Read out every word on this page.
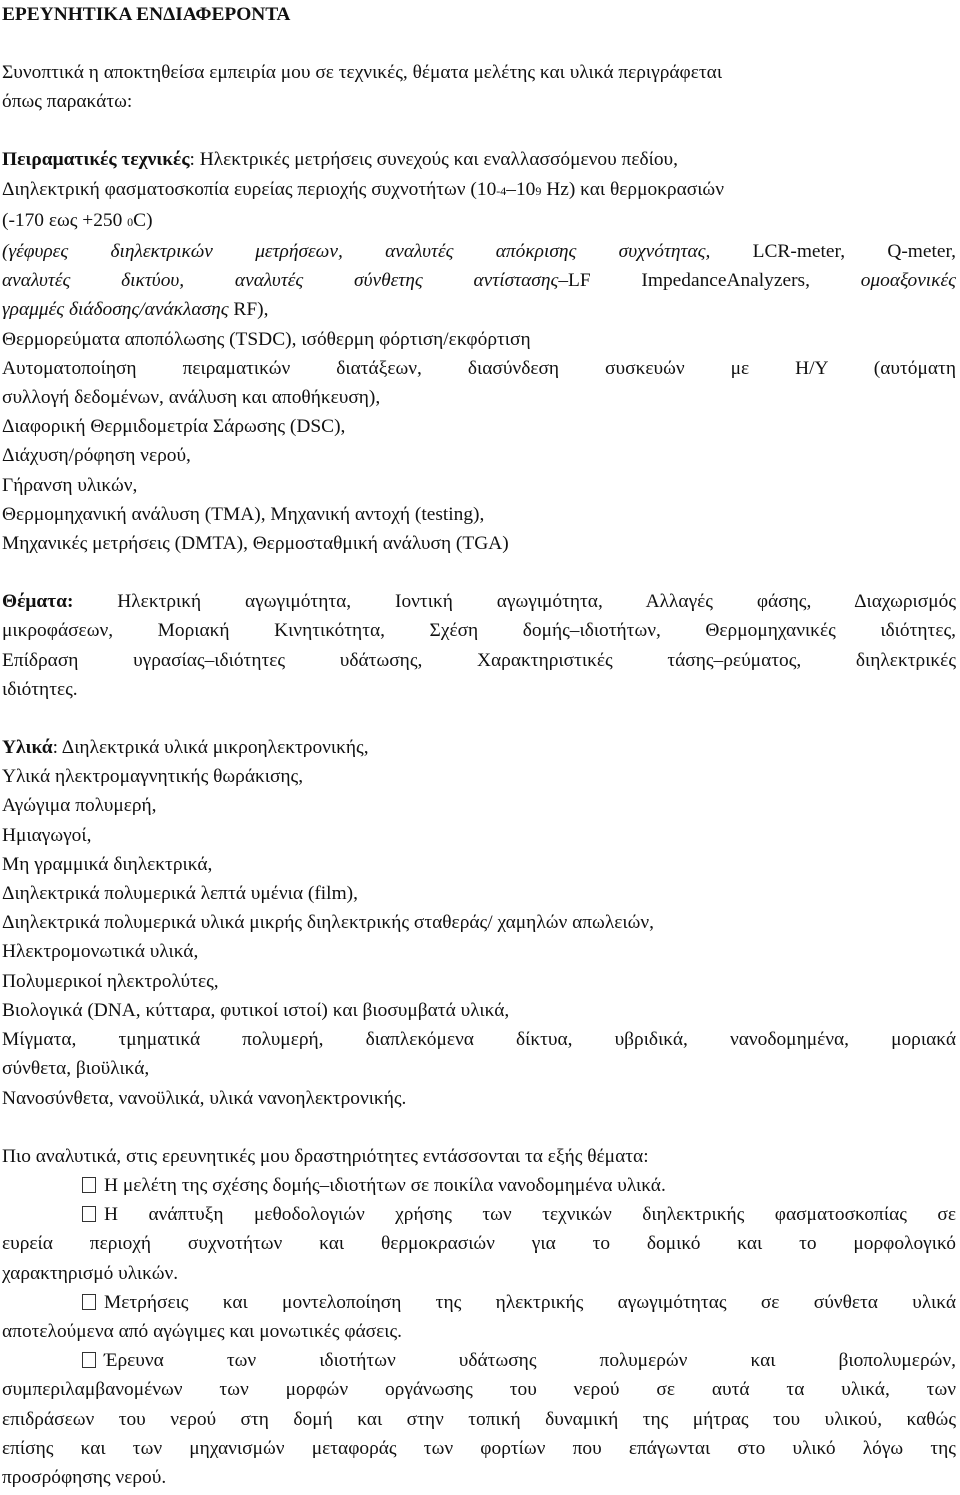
ΕΡΕΥΝΗΤΙΚΑ ΕΝΔΙΑΦΕΡΟΝΤΑ

Συνοπτικά η αποκτηθείσα εμπειρία μου σε τεχνικές, θέματα μελέτης και υλικά περιγράφεται

όπως παρακάτω:

Πειραματικές τεχνικές: Ηλεκτρικές μετρήσεις συνεχούς και εναλλασσόμενου πεδίου,

Διηλεκτρική φασματοσκοπία ευρείας περιοχής συχνοτήτων (10-4–109 Hz) και θερμοκρασιών

(-170 εως +250 0C)

(γέφυρες διηλεκτρικών μετρήσεων, αναλυτές απόκρισης συχνότητας, LCR-meter, Q-meter,

αναλυτές δικτύου, αναλυτές σύνθετης αντίστασης–LF ImpedanceAnalyzers, ομοαξονικές

γραμμές διάδοσης/ανάκλασης RF),

Θερμορεύματα αποπόλωσης (TSDC), ισόθερμη φόρτιση/εκφόρτιση

Αυτοματοποίηση πειραματικών διατάξεων, διασύνδεση συσκευών με Η/Υ (αυτόματη

συλλογή δεδομένων, ανάλυση και αποθήκευση),

Διαφορική Θερμιδομετρία Σάρωσης (DSC),

Διάχυση/ρόφηση νερού,

Γήρανση υλικών,

Θερμομηχανική ανάλυση (TMA), Μηχανική αντοχή (testing),

Μηχανικές μετρήσεις (DMTA), Θερμοσταθμική ανάλυση (TGA)

Θέματα: Ηλεκτρική αγωγιμότητα, Ιοντική αγωγιμότητα, Αλλαγές φάσης, Διαχωρισμός

μικροφάσεων, Μοριακή Κινητικότητα, Σχέση δομής–ιδιοτήτων, Θερμομηχανικές ιδιότητες,

Επίδραση υγρασίας–ιδιότητες υδάτωσης, Χαρακτηριστικές τάσης–ρεύματος, διηλεκτρικές

ιδιότητες.

Υλικά: Διηλεκτρικά υλικά μικροηλεκτρονικής,

Υλικά ηλεκτρομαγνητικής θωράκισης,

Αγώγιμα πολυμερή,

Ημιαγωγοί,

Μη γραμμικά διηλεκτρικά,

Διηλεκτρικά πολυμερικά λεπτά υμένια (film),

Διηλεκτρικά πολυμερικά υλικά μικρής διηλεκτρικής σταθεράς/ χαμηλών απωλειών,

Ηλεκτρομονωτικά υλικά,

Πολυμερικοί ηλεκτρολύτες,

Βιολογικά (DNA, κύτταρα, φυτικοί ιστοί) και βιοσυμβατά υλικά,

Μίγματα, τμηματικά πολυμερή, διαπλεκόμενα δίκτυα, υβριδικά, νανοδομημένα, μοριακά

σύνθετα, βιοϋλικά,

Νανοσύνθετα, νανοϋλικά, υλικά νανοηλεκτρονικής.

Πιο αναλυτικά, στις ερευνητικές μου δραστηριότητες εντάσσονται τα εξής θέματα:

Η μελέτη της σχέσης δομής–ιδιοτήτων σε ποικίλα νανοδομημένα υλικά.

Η ανάπτυξη μεθοδολογιών χρήσης των τεχνικών διηλεκτρικής φασματοσκοπίας σε

ευρεία περιοχή συχνοτήτων και θερμοκρασιών για το δομικό και το μορφολογικό

χαρακτηρισμό υλικών.

Μετρήσεις και μοντελοποίηση της ηλεκτρικής αγωγιμότητας σε σύνθετα υλικά

αποτελούμενα από αγώγιμες και μονωτικές φάσεις.

Έρευνα των ιδιοτήτων υδάτωσης πολυμερών και βιοπολυμερών,

συμπεριλαμβανομένων των μορφών οργάνωσης του νερού σε αυτά τα υλικά, των

επιδράσεων του νερού στη δομή και στην τοπική δυναμική της μήτρας του υλικού, καθώς

επίσης και των μηχανισμών μεταφοράς των φορτίων που επάγωνται στο υλικό λόγω της

προσρόφησης νερού.
